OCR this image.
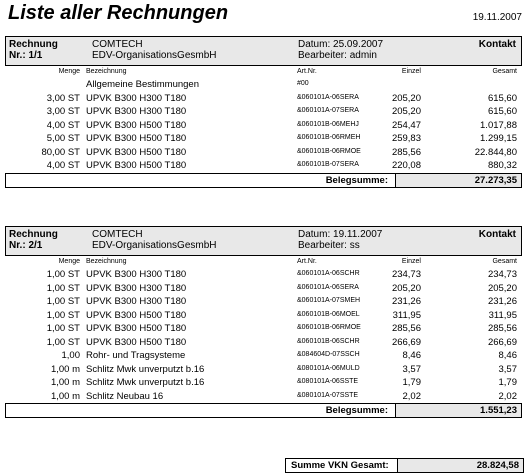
Liste aller Rechnungen	19.11.2007
Rechnung
Nr.: 1/1
COMTECH
EDV-OrganisationsGesmbH
Datum: 25.09.2007
Bearbeiter: admin
Kontakt
Menge Bezeichnung	Art.Nr.	Einzel	Gesamt
Allgemeine Bestimmungen	#00
3,00 ST UPVK B300 H300 T180	&060101A-06SERA	205,20	615,60
3,00 ST UPVK B300 H300 T180	&060101A-07SERA	205,20	615,60
4,00 ST UPVK B300 H500 T180	&060101B-06MEHJ	254,47	1.017,88
5,00 ST UPVK B300 H500 T180	&060101B-06RMEH	259,83	1.299,15
80,00 ST UPVK B300 H500 T180	&060101B-06RMOE	285,56	22.844,80
4,00 ST UPVK B300 H500 T180	&060101B-07SERA	220,08	880,32
Belegsumme:	27.273,35
Rechnung
Nr.: 2/1
COMTECH
EDV-OrganisationsGesmbH
Datum: 19.11.2007
Bearbeiter: ss
Kontakt
Menge Bezeichnung	Art.Nr.	Einzel	Gesamt
1,00 ST UPVK B300 H300 T180	&060101A-06SCHR	234,73	234,73
1,00 ST UPVK B300 H300 T180	&060101A-06SERA	205,20	205,20
1,00 ST UPVK B300 H300 T180	&060101A-07SMEH	231,26	231,26
1,00 ST UPVK B300 H500 T180	&060101B-06MOEL	311,95	311,95
1,00 ST UPVK B300 H500 T180	&060101B-06RMOE	285,56	285,56
1,00 ST UPVK B300 H500 T180	&060101B-06SCHR	266,69	266,69
1,00 Rohr- und Tragsysteme	&084604D-07SSCH	8,46	8,46
1,00 m Schlitz Mwk unverputzt b.16	&080101A-06MULD	3,57	3,57
1,00 m Schlitz Mwk unverputzt b.16	&080101A-06SSTE	1,79	1,79
1,00 m Schlitz Neubau 16	&080101A-07SSTE	2,02	2,02
Belegsumme:	1.551,23
Summe VKN Gesamt:	28.824,58
